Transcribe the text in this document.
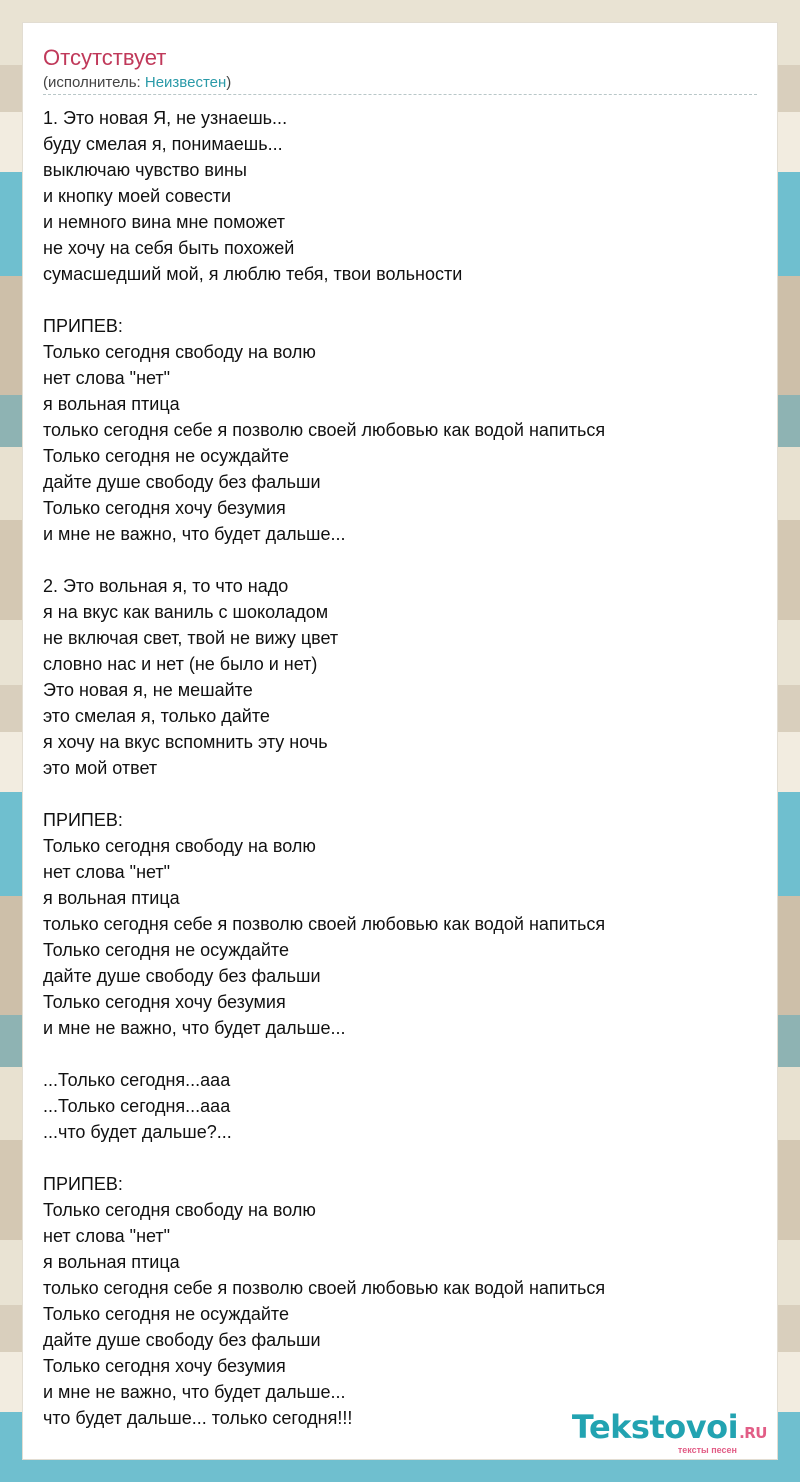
Отсутствует
(исполнитель: Неизвестен)
1. Это новая Я, не узнаешь...
буду смелая я, понимаешь...
выключаю чувство вины
и кнопку моей совести
и немного вина мне поможет
не хочу на себя быть похожей
сумасшедший мой, я люблю тебя, твои вольности
ПРИПЕВ:
Только сегодня свободу на волю
нет слова "нет"
я вольная птица
только сегодня себе я позволю своей любовью как водой напиться
Только сегодня не осуждайте
дайте душе свободу без фальши
Только сегодня хочу безумия
и мне не важно, что будет дальше...
2. Это вольная я, то что надо
я на вкус как ваниль с шоколадом
не включая свет, твой не вижу цвет
словно нас и нет (не было и нет)
Это новая я, не мешайте
это смелая я, только дайте
я хочу на вкус вспомнить эту ночь
это мой ответ
ПРИПЕВ:
Только сегодня свободу на волю
нет слова "нет"
я вольная птица
только сегодня себе я позволю своей любовью как водой напиться
Только сегодня не осуждайте
дайте душе свободу без фальши
Только сегодня хочу безумия
и мне не важно, что будет дальше...
...Только сегодня...ааа
...Только сегодня...ааа
...что будет дальше?...
ПРИПЕВ:
Только сегодня свободу на волю
нет слова "нет"
я вольная птица
только сегодня себе я позволю своей любовью как водой напиться
Только сегодня не осуждайте
дайте душе свободу без фальши
Только сегодня хочу безумия
и мне не важно, что будет дальше...
что будет дальше... только сегодня!!!	Tekstovoi.RU
тексты песен
